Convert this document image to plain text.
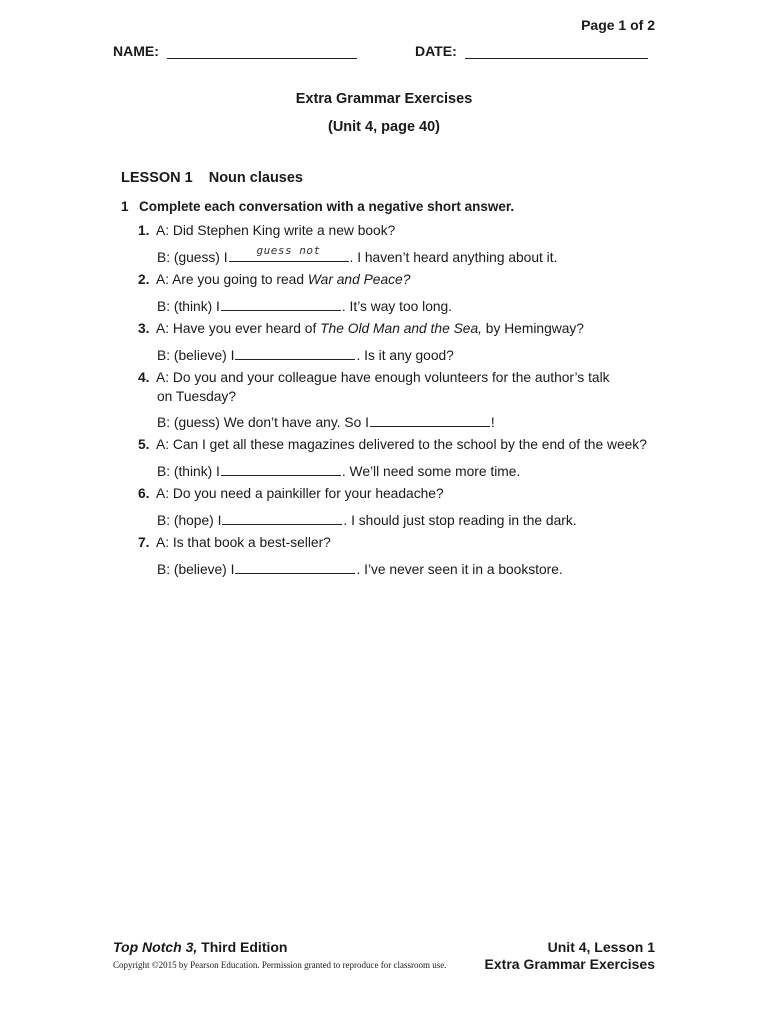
Page 1 of 2
NAME:	DATE:
Extra Grammar Exercises
(Unit 4, page 40)
LESSON 1 Noun clauses
1 Complete each conversation with a negative short answer.
1. A: Did Stephen King write a new book?
B: (guess) I	guess not	. I haven’t heard anything about it.
2. A: Are you going to read War and Peace?
B: (think) I	. It’s way too long.
3. A: Have you ever heard of The Old Man and the Sea, by Hemingway?
B: (believe) I	. Is it any good?
4. A: Do you and your colleague have enough volunteers for the author’s talk
on Tuesday?
B: (guess) We don’t have any. So I	!
5. A: Can I get all these magazines delivered to the school by the end of the week?
B: (think) I	. We’ll need some more time.
6. A: Do you need a painkiller for your headache?
B: (hope) I	. I should just stop reading in the dark.
7. A: Is that book a best-seller?
B: (believe) I	. I’ve never seen it in a bookstore.
Top Notch 3, Third Edition
Copyright ©2015 by Pearson Education. Permission granted to reproduce for classroom use.
Unit 4, Lesson 1
Extra Grammar Exercises
